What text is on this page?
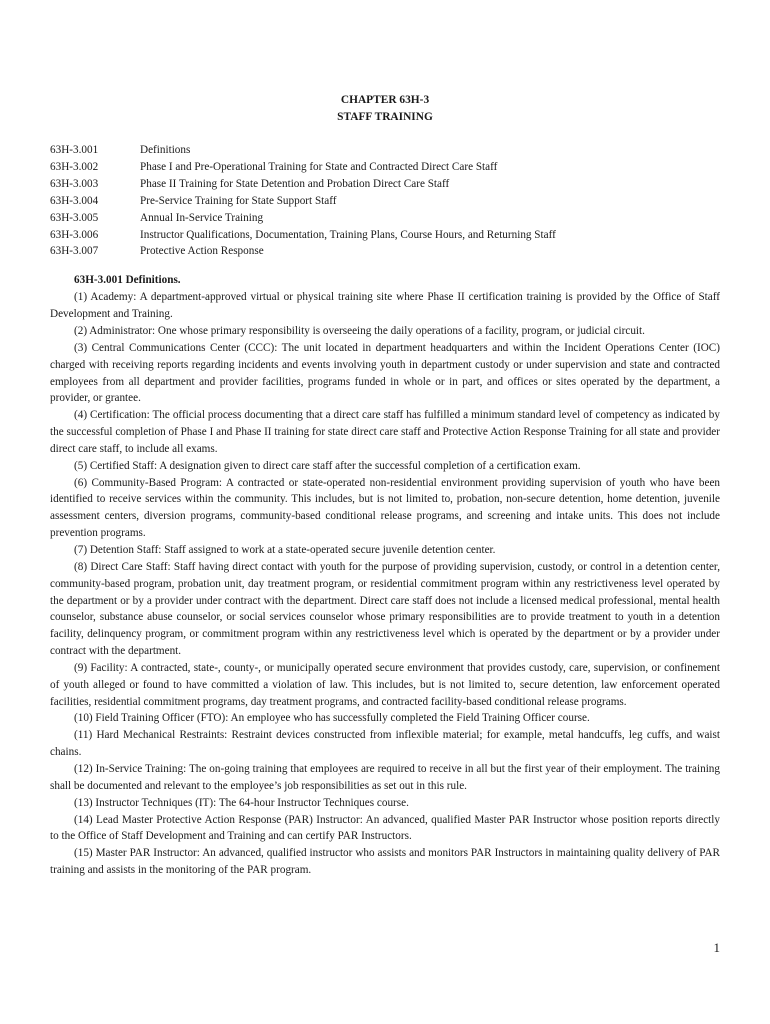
CHAPTER 63H-3
STAFF TRAINING
63H-3.001	Definitions
63H-3.002	Phase I and Pre-Operational Training for State and Contracted Direct Care Staff
63H-3.003	Phase II Training for State Detention and Probation Direct Care Staff
63H-3.004	Pre-Service Training for State Support Staff
63H-3.005	Annual In-Service Training
63H-3.006	Instructor Qualifications, Documentation, Training Plans, Course Hours, and Returning Staff
63H-3.007	Protective Action Response
63H-3.001 Definitions.

(1) Academy: A department-approved virtual or physical training site where Phase II certification training is provided by the Office of Staff Development and Training.

(2) Administrator: One whose primary responsibility is overseeing the daily operations of a facility, program, or judicial circuit.

(3) Central Communications Center (CCC): The unit located in department headquarters and within the Incident Operations Center (IOC) charged with receiving reports regarding incidents and events involving youth in department custody or under supervision and state and contracted employees from all department and provider facilities, programs funded in whole or in part, and offices or sites operated by the department, a provider, or grantee.

(4) Certification: The official process documenting that a direct care staff has fulfilled a minimum standard level of competency as indicated by the successful completion of Phase I and Phase II training for state direct care staff and Protective Action Response Training for all state and provider direct care staff, to include all exams.

(5) Certified Staff: A designation given to direct care staff after the successful completion of a certification exam.

(6) Community-Based Program: A contracted or state-operated non-residential environment providing supervision of youth who have been identified to receive services within the community. This includes, but is not limited to, probation, non-secure detention, home detention, juvenile assessment centers, diversion programs, community-based conditional release programs, and screening and intake units. This does not include prevention programs.

(7) Detention Staff: Staff assigned to work at a state-operated secure juvenile detention center.

(8) Direct Care Staff: Staff having direct contact with youth for the purpose of providing supervision, custody, or control in a detention center, community-based program, probation unit, day treatment program, or residential commitment program within any restrictiveness level operated by the department or by a provider under contract with the department. Direct care staff does not include a licensed medical professional, mental health counselor, substance abuse counselor, or social services counselor whose primary responsibilities are to provide treatment to youth in a detention facility, delinquency program, or commitment program within any restrictiveness level which is operated by the department or by a provider under contract with the department.

(9) Facility: A contracted, state-, county-, or municipally operated secure environment that provides custody, care, supervision, or confinement of youth alleged or found to have committed a violation of law. This includes, but is not limited to, secure detention, law enforcement operated facilities, residential commitment programs, day treatment programs, and contracted facility-based conditional release programs.

(10) Field Training Officer (FTO): An employee who has successfully completed the Field Training Officer course.

(11) Hard Mechanical Restraints: Restraint devices constructed from inflexible material; for example, metal handcuffs, leg cuffs, and waist chains.

(12) In-Service Training: The on-going training that employees are required to receive in all but the first year of their employment. The training shall be documented and relevant to the employee’s job responsibilities as set out in this rule.

(13) Instructor Techniques (IT): The 64-hour Instructor Techniques course.

(14) Lead Master Protective Action Response (PAR) Instructor: An advanced, qualified Master PAR Instructor whose position reports directly to the Office of Staff Development and Training and can certify PAR Instructors.

(15) Master PAR Instructor: An advanced, qualified instructor who assists and monitors PAR Instructors in maintaining quality delivery of PAR training and assists in the monitoring of the PAR program.

1
